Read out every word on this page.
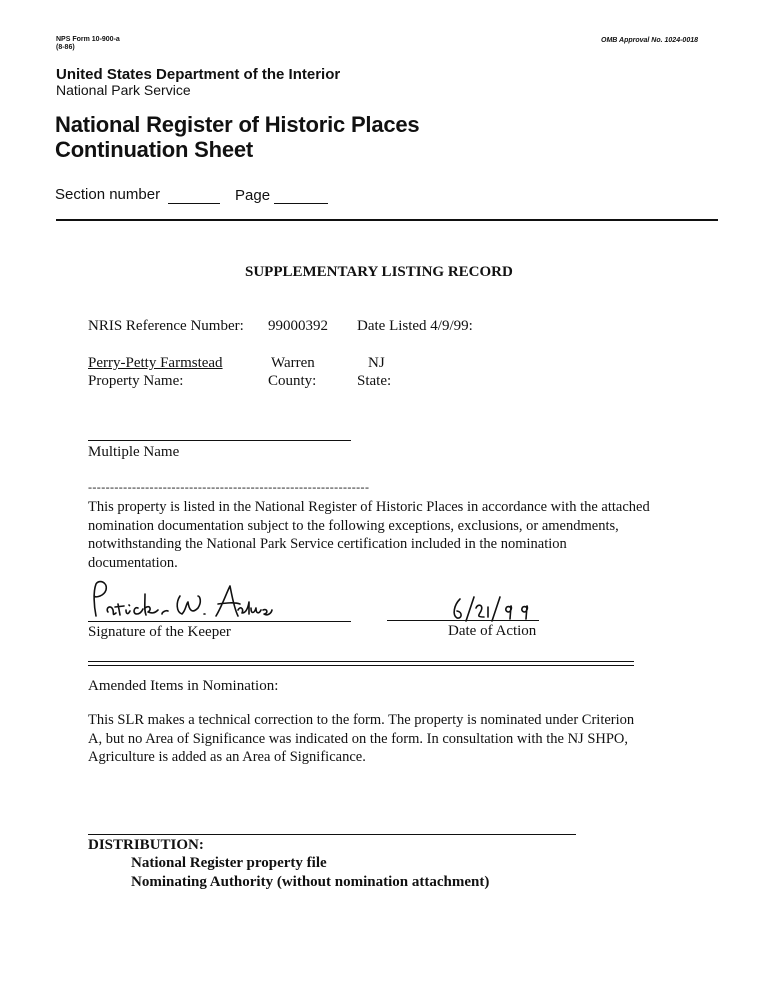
NPS Form 10-900-a
(8-86)
OMB Approval No. 1024-0018
United States Department of the Interior
National Park Service
National Register of Historic Places
Continuation Sheet
Section number	Page
SUPPLEMENTARY LISTING RECORD
NRIS Reference Number: 99000392 Date Listed 4/9/99:
Perry-Petty Farmstead	Warren	NJ
Property Name:	County:	State:
Multiple Name
----------------------------------------------------------------
This property is listed in the National Register of Historic Places in accordance with the attached
nomination documentation subject to the following exceptions, exclusions, or amendments,
notwithstanding the National Park Service certification included in the nomination
documentation.
Signature of the Keeper	Date of Action
Amended Items in Nomination:
This SLR makes a technical correction to the form. The property is nominated under Criterion
A, but no Area of Significance was indicated on the form. In consultation with the NJ SHPO,
Agriculture is added as an Area of Significance.
DISTRIBUTION:
National Register property file
Nominating Authority (without nomination attachment)
